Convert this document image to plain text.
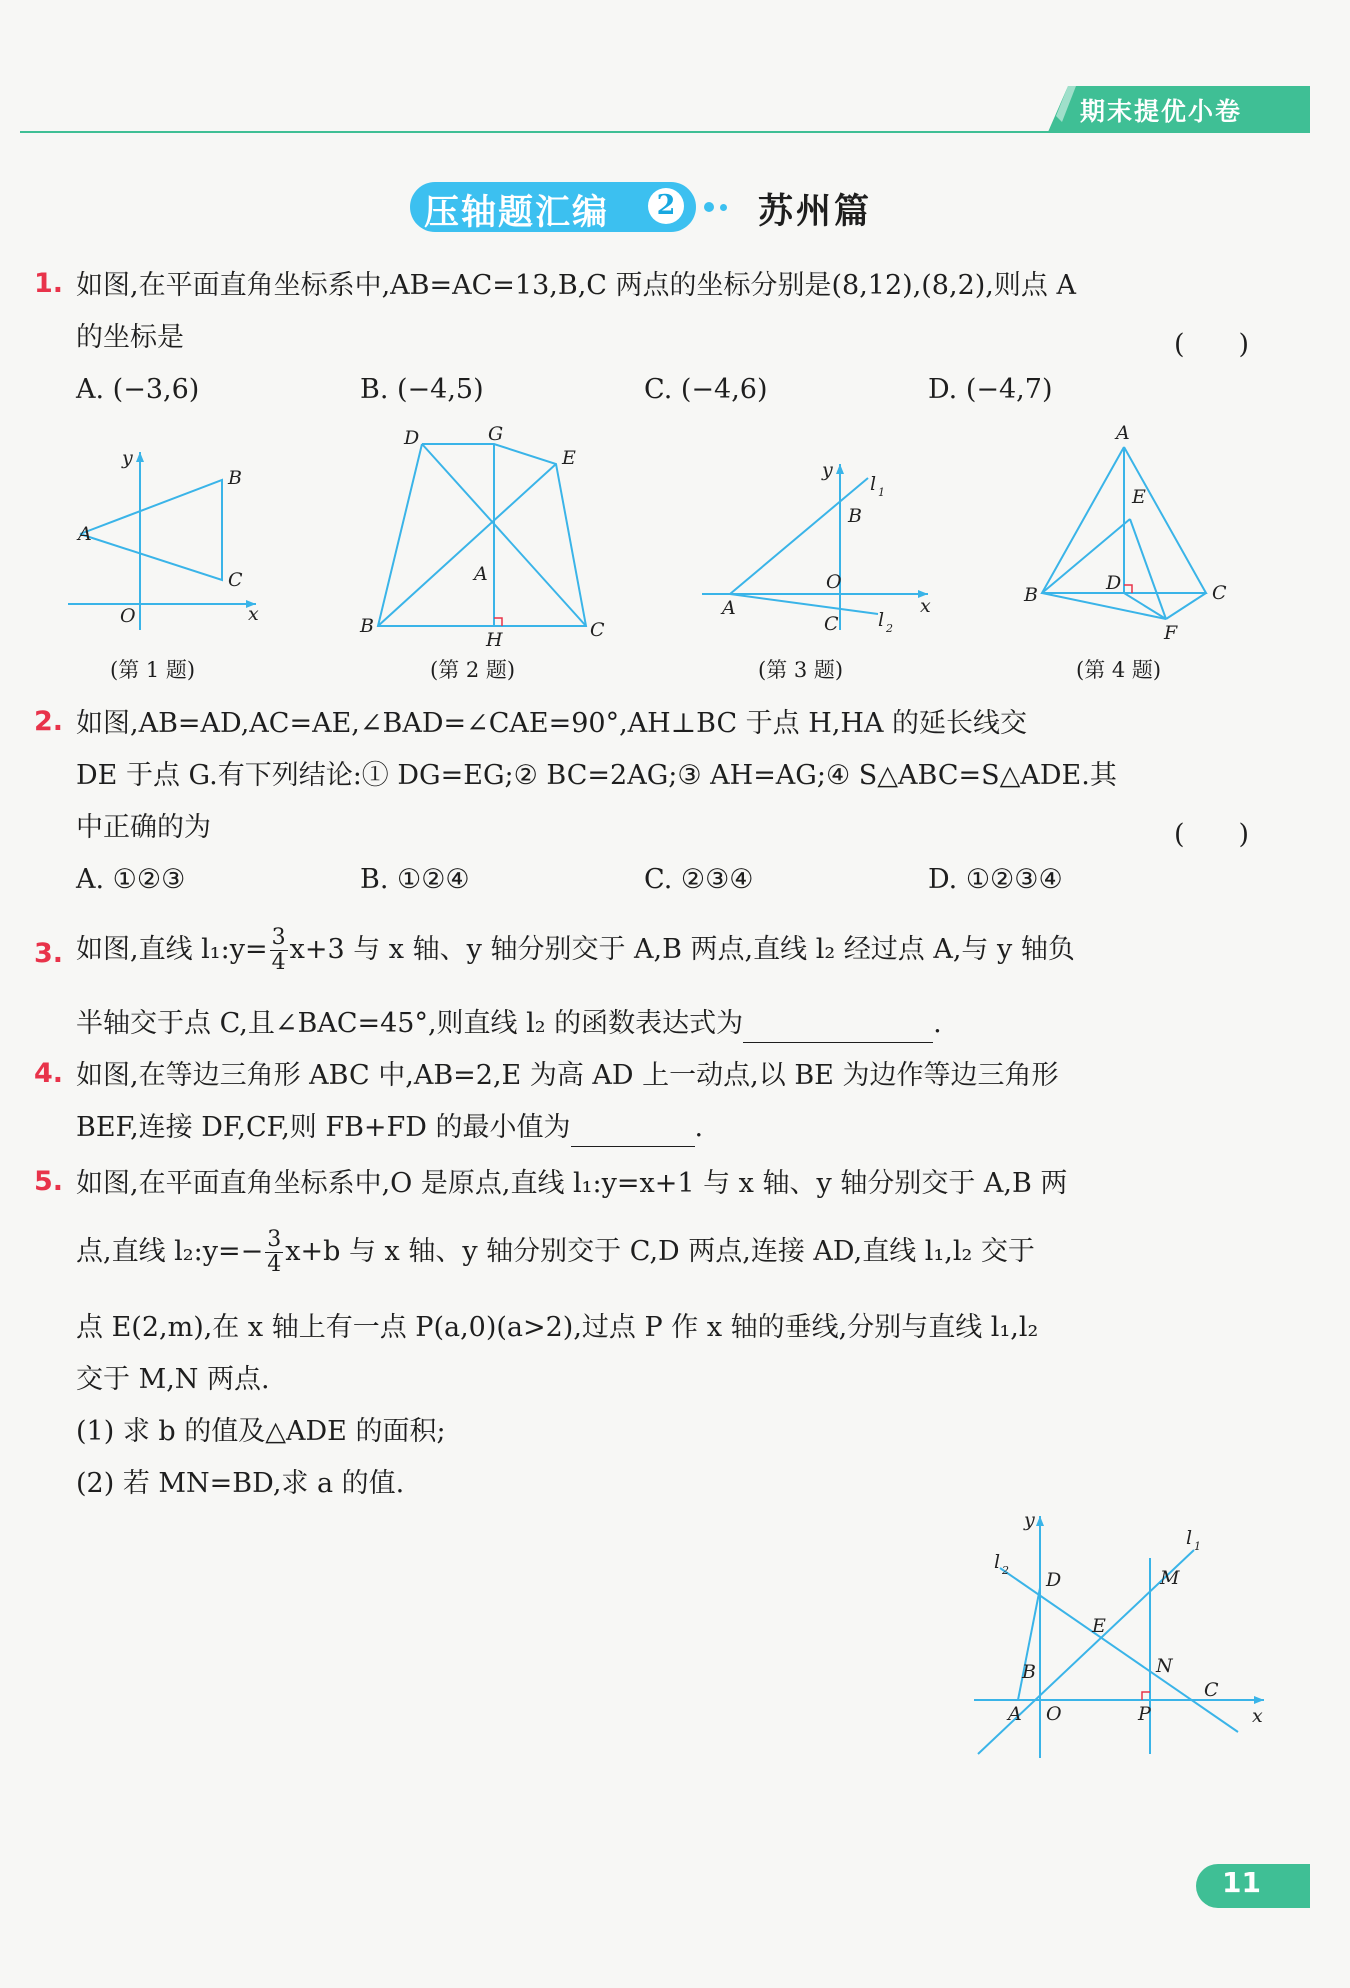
期末提优小卷
压轴题汇编	2 苏州篇
1. 如图,在平面直角坐标系中,AB=AC=13,B,C 两点的坐标分别是(8,12),(8,2),则点 A
的坐标是	(　　)
A. (−3,6)	B. (−4,5)	C. (−4,6)	D. (−4,7)
y
x
O
A
B
C
(第 1 题)
D	G
E
A
B
H	C
(第 2 题)
y
x
l 1
B
O
A
C l 2
(第 3 题)
A
E
B
D	C
F
(第 4 题)
2. 如图,AB=AD,AC=AE,∠BAD=∠CAE=90°,AH⊥BC 于点 H,HA 的延长线交
DE 于点 G.有下列结论:① DG=EG;② BC=2AG;③ AH=AG;④ S△ABC=S△ADE.其
中正确的为	(　　)
A. ①②③	B. ①②④	C. ②③④	D. ①②③④
3. 如图,直线 l₁:y= $\frac{3}{4} x+3$ 与 x 轴、y 轴分别交于 A,B 两点,直线 l₂ 经过点 A,与 y 轴负
半轴交于点 C,且∠BAC=45°,则直线 l₂ 的函数表达式为	.
4. 如图,在等边三角形 ABC 中,AB=2,E 为高 AD 上一动点,以 BE 为边作等边三角形
BEF,连接 DF,CF,则 FB+FD 的最小值为	.
5. 如图,在平面直角坐标系中,O 是原点,直线 l₁:y=x+1 与 x 轴、y 轴分别交于 A,B 两
点,直线 l₂:y=− $\frac{3}{4} x+b$ 与 x 轴、y 轴分别交于 C,D 两点,连接 AD,直线 l₁,l₂ 交于
点 E(2,m),在 x 轴上有一点 P(a,0)(a>2),过点 P 作 x 轴的垂线,分别与直线 l₁,l₂
交于 M,N 两点.
(1) 求 b 的值及△ADE 的面积;
(2) 若 MN=BD,求 a 的值.
y
x
l 1
l 2 D	M
E
N
B
C
A O	P
11
